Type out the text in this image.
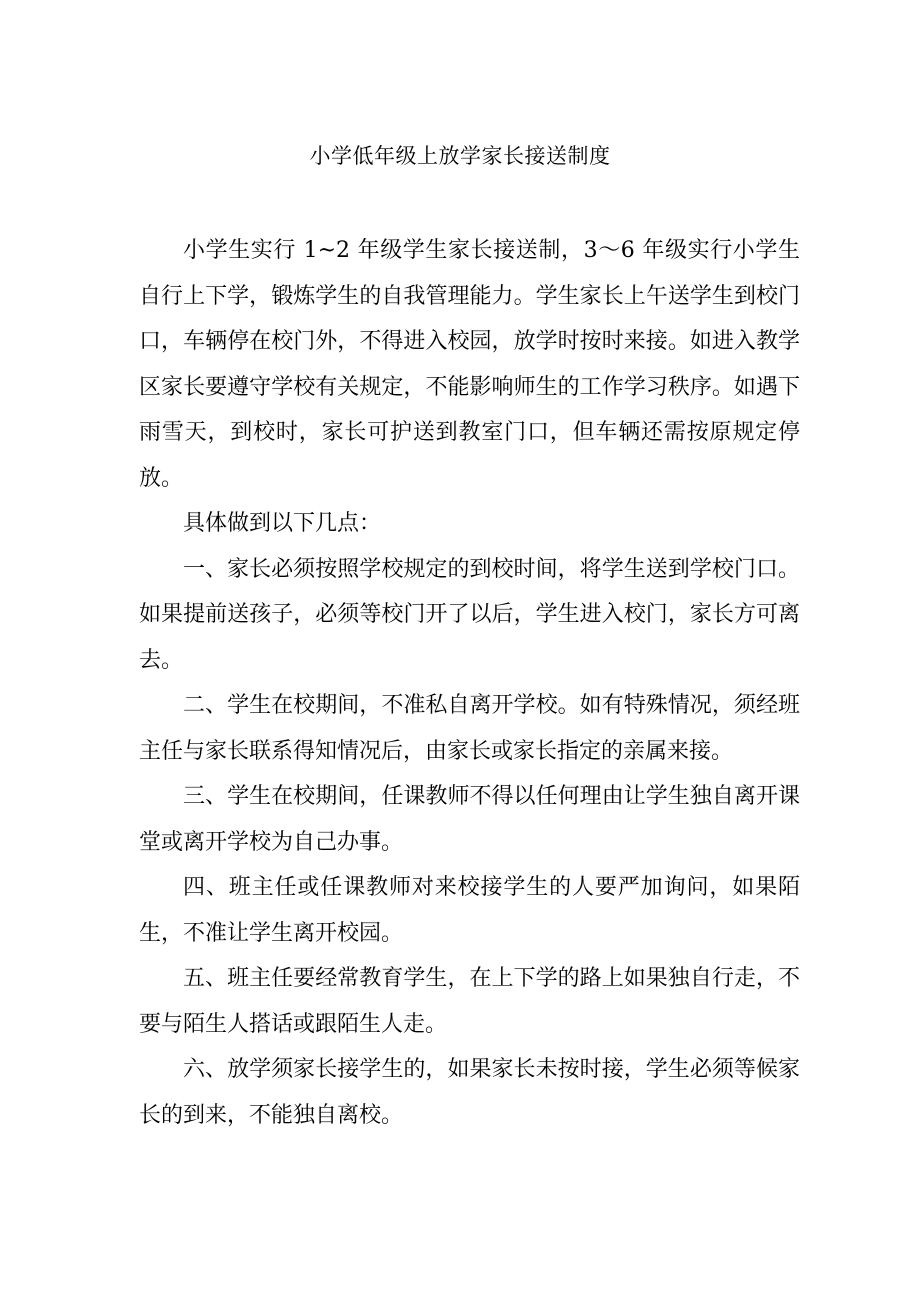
小学低年级上放学家长接送制度

小学生实行 1~2 年级学生家长接送制，3～6 年级实行小学生自行上下学，锻炼学生的自我管理能力。学生家长上午送学生到校门口，车辆停在校门外，不得进入校园，放学时按时来接。如进入教学区家长要遵守学校有关规定，不能影响师生的工作学习秩序。如遇下雨雪天，到校时，家长可护送到教室门口，但车辆还需按原规定停放。

具体做到以下几点：

一、家长必须按照学校规定的到校时间，将学生送到学校门口。如果提前送孩子，必须等校门开了以后，学生进入校门，家长方可离去。

二、学生在校期间，不准私自离开学校。如有特殊情况，须经班主任与家长联系得知情况后，由家长或家长指定的亲属来接。

三、学生在校期间，任课教师不得以任何理由让学生独自离开课堂或离开学校为自己办事。

四、班主任或任课教师对来校接学生的人要严加询问，如果陌生，不准让学生离开校园。

五、班主任要经常教育学生，在上下学的路上如果独自行走，不要与陌生人搭话或跟陌生人走。

六、放学须家长接学生的，如果家长未按时接，学生必须等候家长的到来，不能独自离校。
